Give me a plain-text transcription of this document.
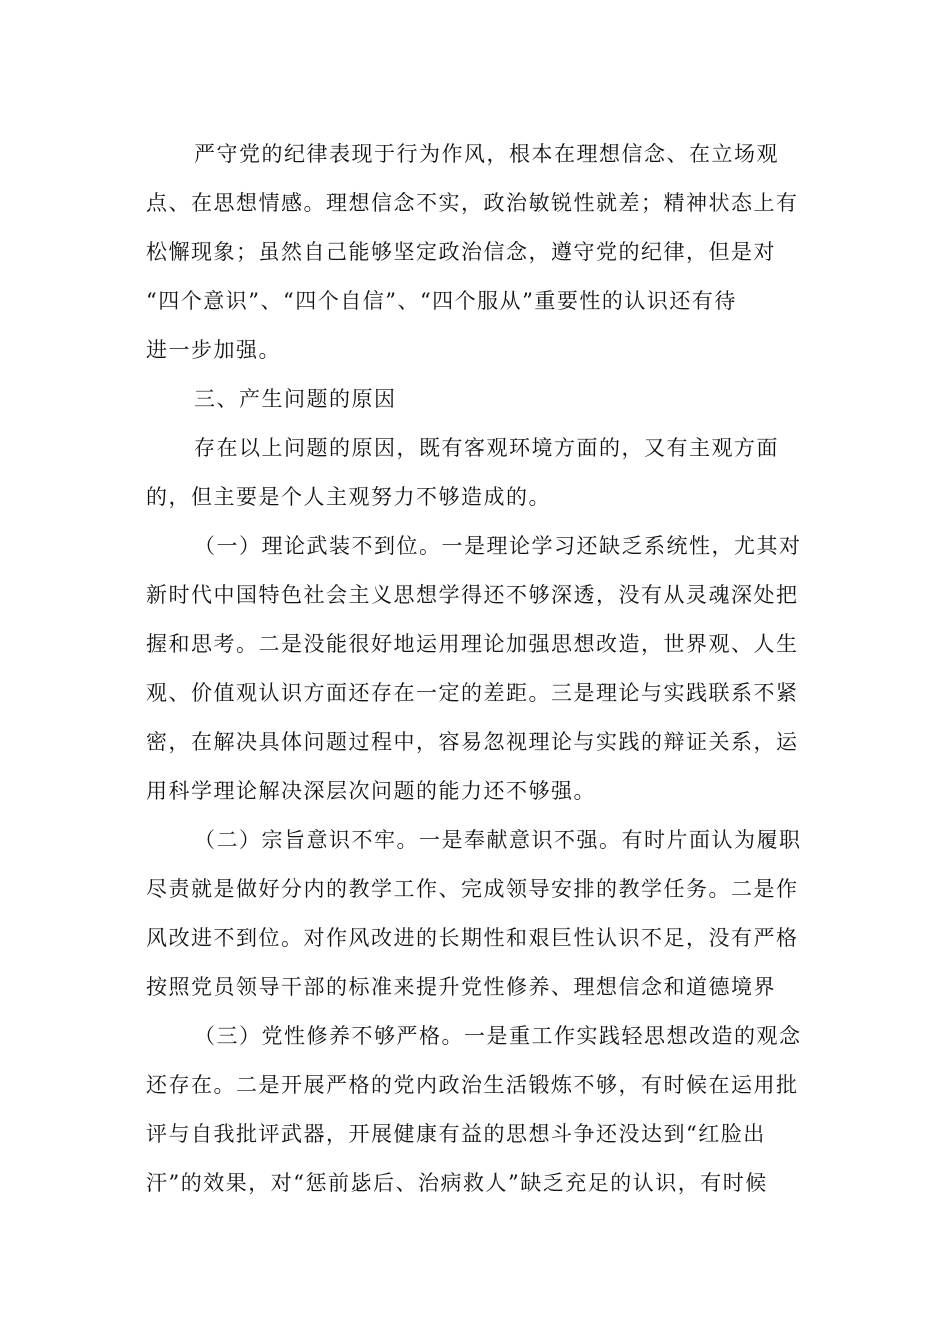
严守党的纪律表现于行为作风，根本在理想信念、在立场观
点、在思想情感。理想信念不实，政治敏锐性就差；精神状态上有
松懈现象；虽然自己能够坚定政治信念，遵守党的纪律，但是对
“四个意识”、“四个自信”、“四个服从”重要性的认识还有待
进一步加强。

三、产生问题的原因

存在以上问题的原因，既有客观环境方面的，又有主观方面
的，但主要是个人主观努力不够造成的。

（一）理论武装不到位。一是理论学习还缺乏系统性，尤其对
新时代中国特色社会主义思想学得还不够深透，没有从灵魂深处把
握和思考。二是没能很好地运用理论加强思想改造，世界观、人生
观、价值观认识方面还存在一定的差距。三是理论与实践联系不紧
密，在解决具体问题过程中，容易忽视理论与实践的辩证关系，运
用科学理论解决深层次问题的能力还不够强。

（二）宗旨意识不牢。一是奉献意识不强。有时片面认为履职
尽责就是做好分内的教学工作、完成领导安排的教学任务。二是作
风改进不到位。对作风改进的长期性和艰巨性认识不足，没有严格
按照党员领导干部的标准来提升党性修养、理想信念和道德境界

（三）党性修养不够严格。一是重工作实践轻思想改造的观念
还存在。二是开展严格的党内政治生活锻炼不够，有时候在运用批
评与自我批评武器，开展健康有益的思想斗争还没达到“红脸出
汗”的效果，对“惩前毖后、治病救人”缺乏充足的认识，有时候
